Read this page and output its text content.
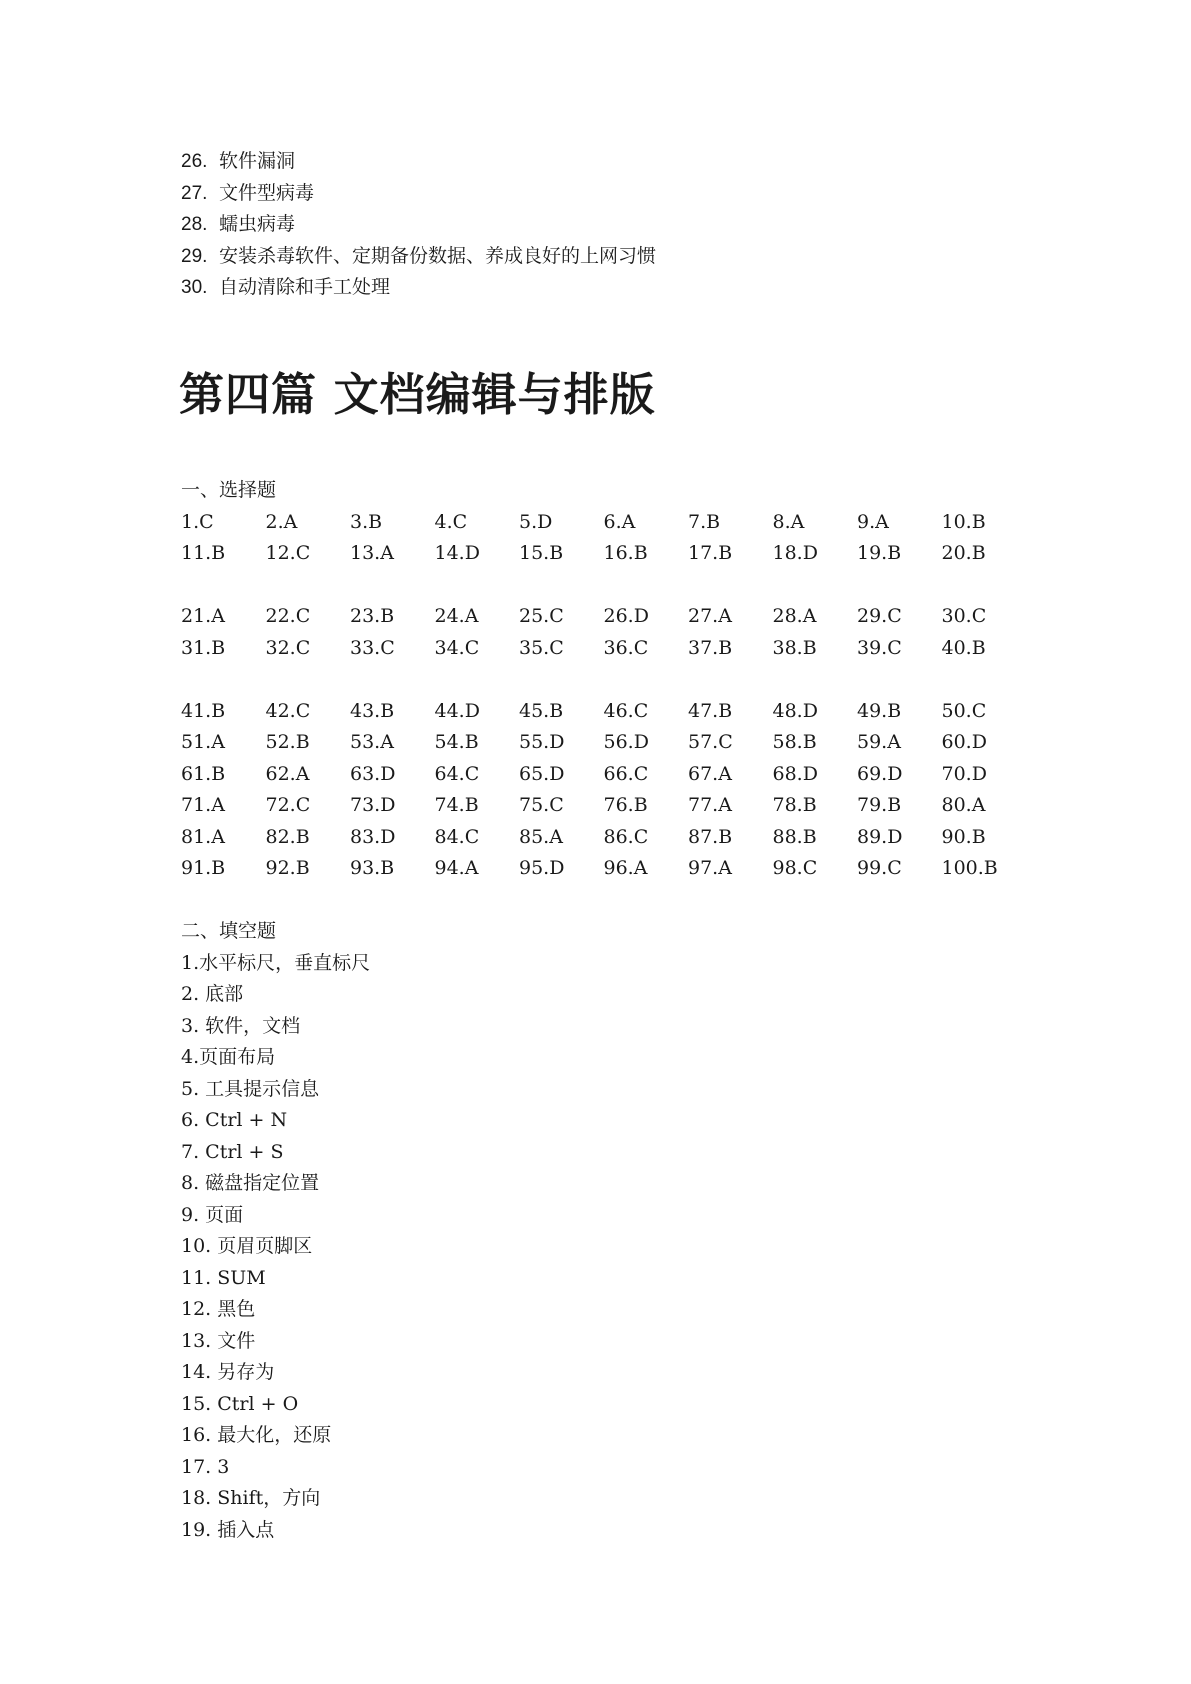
26. 软件漏洞
27. 文件型病毒
28. 蠕虫病毒
29. 安装杀毒软件、定期备份数据、养成良好的上网习惯
30. 自动清除和手工处理
第四篇 文档编辑与排版
一、选择题
1.C	2.A	3.B	4.C	5.D	6.A	7.B	8.A	9.A	10.B
11.B 12.C 13.A 14.D 15.B 16.B 17.B 18.D 19.B 20.B
21.A 22.C 23.B 24.A 25.C 26.D 27.A 28.A 29.C 30.C
31.B 32.C 33.C 34.C 35.C 36.C 37.B 38.B 39.C 40.B
41.B 42.C 43.B 44.D 45.B 46.C 47.B 48.D 49.B 50.C
51.A 52.B 53.A 54.B 55.D 56.D 57.C 58.B 59.A 60.D
61.B 62.A 63.D 64.C 65.D 66.C 67.A 68.D 69.D 70.D
71.A 72.C 73.D 74.B 75.C 76.B 77.A 78.B 79.B 80.A
81.A 82.B 83.D 84.C 85.A 86.C 87.B 88.B 89.D 90.B
91.B 92.B 93.B 94.A 95.D 96.A 97.A 98.C 99.C 100.B
二、填空题
1.水平标尺，垂直标尺
2. 底部
3. 软件，文档
4.页面布局
5. 工具提示信息
6. Ctrl + N
7. Ctrl + S
8. 磁盘指定位置
9. 页面
10. 页眉页脚区
11. SUM
12. 黑色
13. 文件
14. 另存为
15. Ctrl + O
16. 最大化，还原
17. 3
18. Shift，方向
19. 插入点
